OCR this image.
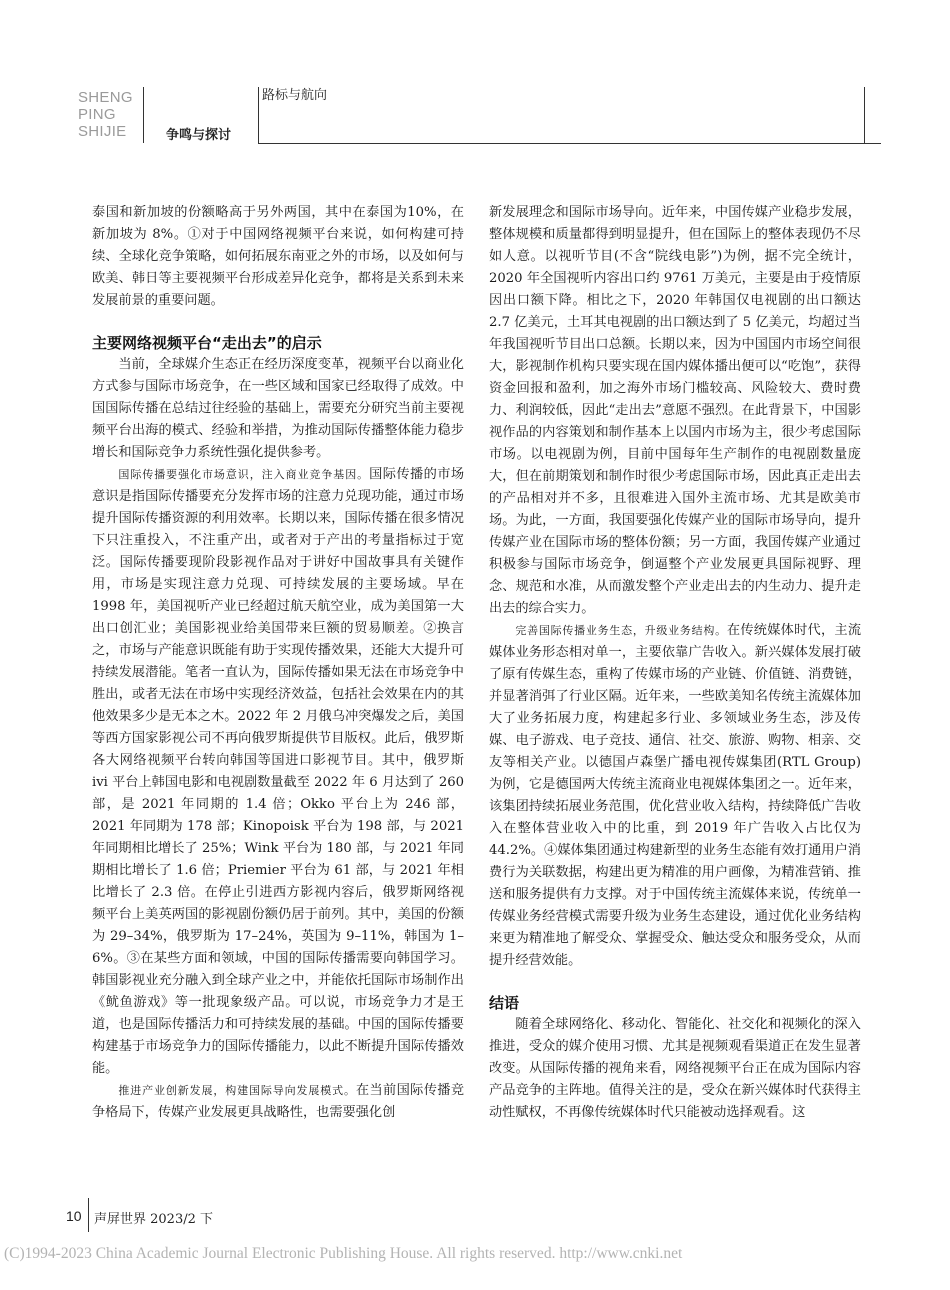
SHENG
PING
SHIJIE	争鸣与探讨
路标与航向

泰国和新加坡的份额略高于另外两国，其中在泰国为10%，在新加坡为 8%。①对于中国网络视频平台来说，如何构建可持续、全球化竞争策略，如何拓展东南亚之外的市场，以及如何与欧美、韩日等主要视频平台形成差异化竞争，都将是关系到未来发展前景的重要问题。

主要网络视频平台“走出去”的启示

当前，全球媒介生态正在经历深度变革，视频平台以商业化方式参与国际市场竞争，在一些区域和国家已经取得了成效。中国国际传播在总结过往经验的基础上，需要充分研究当前主要视频平台出海的模式、经验和举措，为推动国际传播整体能力稳步增长和国际竞争力系统性强化提供参考。

国际传播要强化市场意识，注入商业竞争基因。国际传播的市场意识是指国际传播要充分发挥市场的注意力兑现功能，通过市场提升国际传播资源的利用效率。长期以来，国际传播在很多情况下只注重投入，不注重产出，或者对于产出的考量指标过于宽泛。国际传播要现阶段影视作品对于讲好中国故事具有关键作用，市场是实现注意力兑现、可持续发展的主要场域。早在 1998 年，美国视听产业已经超过航天航空业，成为美国第一大出口创汇业；美国影视业给美国带来巨额的贸易顺差。②换言之，市场与产能意识既能有助于实现传播效果，还能大大提升可持续发展潜能。笔者一直认为，国际传播如果无法在市场竞争中胜出，或者无法在市场中实现经济效益，包括社会效果在内的其他效果多少是无本之木。2022 年 2 月俄乌冲突爆发之后，美国等西方国家影视公司不再向俄罗斯提供节目版权。此后，俄罗斯各大网络视频平台转向韩国等国进口影视节目。其中，俄罗斯 ivi 平台上韩国电影和电视剧数量截至 2022 年 6 月达到了 260 部，是 2021 年同期的 1.4 倍；Okko 平台上为 246 部，2021 年同期为 178 部；Kinopoisk 平台为 198 部，与 2021 年同期相比增长了 25%；Wink 平台为 180 部，与 2021 年同期相比增长了 1.6 倍；Priemier 平台为 61 部，与 2021 年相比增长了 2.3 倍。在停止引进西方影视内容后，俄罗斯网络视频平台上美英两国的影视剧份额仍居于前列。其中，美国的份额为 29–34%，俄罗斯为 17–24%，英国为 9–11%，韩国为 1–6%。③在某些方面和领域，中国的国际传播需要向韩国学习。韩国影视业充分融入到全球产业之中，并能依托国际市场制作出《鱿鱼游戏》等一批现象级产品。可以说，市场竞争力才是王道，也是国际传播活力和可持续发展的基础。中国的国际传播要构建基于市场竞争力的国际传播能力，以此不断提升国际传播效能。

推进产业创新发展，构建国际导向发展模式。在当前国际传播竞争格局下，传媒产业发展更具战略性，也需要强化创

新发展理念和国际市场导向。近年来，中国传媒产业稳步发展，整体规模和质量都得到明显提升，但在国际上的整体表现仍不尽如人意。以视听节目(不含“院线电影”)为例，据不完全统计，2020 年全国视听内容出口约 9761 万美元，主要是由于疫情原因出口额下降。相比之下，2020 年韩国仅电视剧的出口额达 2.7 亿美元，土耳其电视剧的出口额达到了 5 亿美元，均超过当年我国视听节目出口总额。长期以来，因为中国国内市场空间很大，影视制作机构只要实现在国内媒体播出便可以“吃饱”，获得资金回报和盈利，加之海外市场门槛较高、风险较大、费时费力、利润较低，因此“走出去”意愿不强烈。在此背景下，中国影视作品的内容策划和制作基本上以国内市场为主，很少考虑国际市场。以电视剧为例，目前中国每年生产制作的电视剧数量庞大，但在前期策划和制作时很少考虑国际市场，因此真正走出去的产品相对并不多，且很难进入国外主流市场、尤其是欧美市场。为此，一方面，我国要强化传媒产业的国际市场导向，提升传媒产业在国际市场的整体份额；另一方面，我国传媒产业通过积极参与国际市场竞争，倒逼整个产业发展更具国际视野、理念、规范和水准，从而激发整个产业走出去的内生动力、提升走出去的综合实力。

完善国际传播业务生态，升级业务结构。在传统媒体时代，主流媒体业务形态相对单一，主要依靠广告收入。新兴媒体发展打破了原有传媒生态，重构了传媒市场的产业链、价值链、消费链，并显著消弭了行业区隔。近年来，一些欧美知名传统主流媒体加大了业务拓展力度，构建起多行业、多领域业务生态，涉及传媒、电子游戏、电子竞技、通信、社交、旅游、购物、相亲、交友等相关产业。以德国卢森堡广播电视传媒集团(RTL Group)为例，它是德国两大传统主流商业电视媒体集团之一。近年来，该集团持续拓展业务范围，优化营业收入结构，持续降低广告收入在整体营业收入中的比重，到 2019 年广告收入占比仅为 44.2%。④媒体集团通过构建新型的业务生态能有效打通用户消费行为关联数据，构建出更为精准的用户画像，为精准营销、推送和服务提供有力支撑。对于中国传统主流媒体来说，传统单一传媒业务经营模式需要升级为业务生态建设，通过优化业务结构来更为精准地了解受众、掌握受众、触达受众和服务受众，从而提升经营效能。

结语

随着全球网络化、移动化、智能化、社交化和视频化的深入推进，受众的媒介使用习惯、尤其是视频观看渠道正在发生显著改变。从国际传播的视角来看，网络视频平台正在成为国际内容产品竞争的主阵地。值得关注的是，受众在新兴媒体时代获得主动性赋权，不再像传统媒体时代只能被动选择观看。这

10 声屏世界 2023/2 下
(C)1994-2023 China Academic Journal Electronic Publishing House. All rights reserved. http://www.cnki.net
